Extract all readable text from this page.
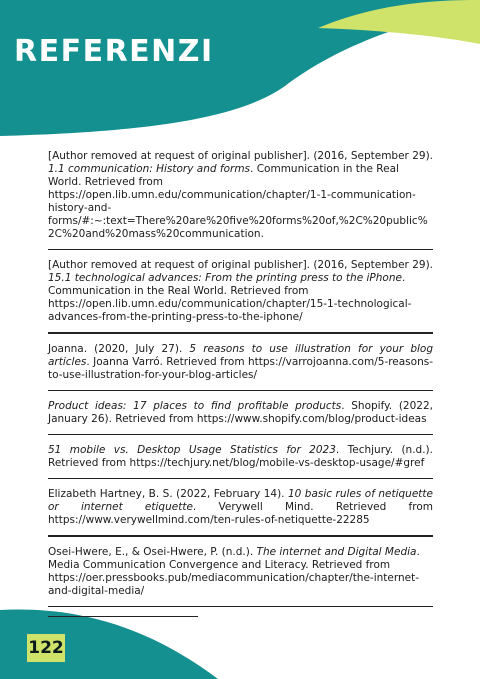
REFERENZI

[Author removed at request of original publisher]. (2016, September 29). 1.1 communication: History and forms. Communication in the Real World. Retrieved from https://open.lib.umn.edu/communication/chapter/1-1-communication-history-and-forms/#:~:text=There%20are%20five%20forms%20of,%2C%20public%2C%20and%20mass%20communication.

[Author removed at request of original publisher]. (2016, September 29). 15.1 technological advances: From the printing press to the iPhone. Communication in the Real World. Retrieved from https://open.lib.umn.edu/communication/chapter/15-1-technological-advances-from-the-printing-press-to-the-iphone/

Joanna. (2020, July 27). 5 reasons to use illustration for your blog articles. Joanna Varró. Retrieved from https://varrojoanna.com/5-reasons-to-use-illustration-for-your-blog-articles/

Product ideas: 17 places to find profitable products. Shopify. (2022, January 26). Retrieved from https://www.shopify.com/blog/product-ideas

51 mobile vs. Desktop Usage Statistics for 2023. Techjury. (n.d.). Retrieved from https://techjury.net/blog/mobile-vs-desktop-usage/#gref

Elizabeth Hartney, B. S. (2022, February 14). 10 basic rules of netiquette or internet etiquette. Verywell Mind. Retrieved from https://www.verywellmind.com/ten-rules-of-netiquette-22285

Osei-Hwere, E., & Osei-Hwere, P. (n.d.). The internet and Digital Media. Media Communication Convergence and Literacy. Retrieved from https://oer.pressbooks.pub/mediacommunication/chapter/the-internet-and-digital-media/

122
